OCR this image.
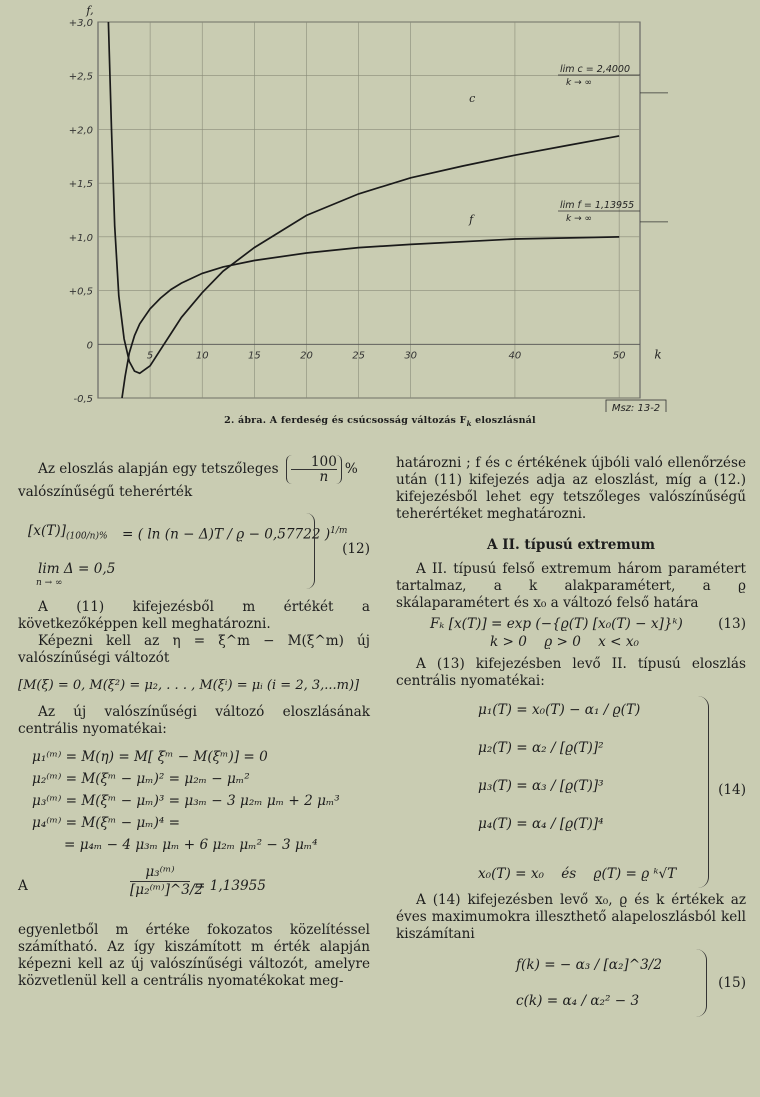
+3,0
+2,5
+2,0
+1,5
+1,0
+0,5
0
-0,5
5	10	15	20	25	30	40	50
f,
k
c
f
lim c = 2,4000
k → ∞
lim f = 1,13955
k → ∞
Msz: 13-2
2. ábra. A ferdeség és csúcsosság változás $F_k$ eloszlásnál

Az eloszlás alapján egy tetszőleges $\frac{100}{n}$ %

valószínűségű teherérték

$[x(T)]_{(100/n)\%}$ = ( ln (n − Δ)T / ϱ − 0,57722 )$^{1/m}$
lim Δ = 0,5
n → ∞
(12)

A (11) kifejezésből m értékét a következőképpen kell meghatározni.

Képezni kell az η = ξ^m − M(ξ^m) új valószínűségi változót

[M(ξ) = 0, M(ξ²) = μ₂, . . . , M(ξⁱ) = μᵢ (i = 2, 3,...m)]

Az új valószínűségi változó eloszlásának centrális nyomatékai:

μ₁⁽ᵐ⁾ = M(η) = M[ ξᵐ − M(ξᵐ)] = 0
μ₂⁽ᵐ⁾ = M(ξᵐ − μₘ)² = μ₂ₘ − μₘ²
μ₃⁽ᵐ⁾ = M(ξᵐ − μₘ)³ = μ₃ₘ − 3 μ₂ₘ μₘ + 2 μₘ³
μ₄⁽ᵐ⁾ = M(ξᵐ − μₘ)⁴ =
= μ₄ₘ − 4 μ₃ₘ μₘ + 6 μ₂ₘ μₘ² − 3 μₘ⁴
A
μ₃⁽ᵐ⁾
[μ₂⁽ᵐ⁾]^3/2
= 1,13955

egyenletből m értéke fokozatos közelítéssel számítható. Az így kiszámított m érték alapján képezni kell az új valószínűségi változót, amelyre közvetlenül kell a centrális nyomatékokat meg-

határozni ; f és c értékének újbóli való ellenőrzése után (11) kifejezés adja az eloszlást, míg a (12.) kifejezésből lehet egy tetszőleges valószínűségű teherértéket meghatározni.

A II. típusú extremum

A II. típusú felső extremum három paramétert tartalmaz, a k alakparamétert, a ϱ skálaparamétert és x₀ a változó felső határa

Fₖ [x(T)] = exp (−{ϱ(T) [x₀(T) − x]}ᵏ)	(13)
k > 0    ϱ > 0    x < x₀

A (13) kifejezésben levő II. típusú eloszlás centrális nyomatékai:

μ₁(T) = x₀(T) − α₁ / ϱ(T)
μ₂(T) = α₂ / [ϱ(T)]²
μ₃(T) = α₃ / [ϱ(T)]³
μ₄(T) = α₄ / [ϱ(T)]⁴
x₀(T) = x₀    és    ϱ(T) = ϱ ᵏ√T
(14)

A (14) kifejezésben levő x₀, ϱ és k értékek az éves maximumokra illeszthető alapeloszlásból kell kiszámítani

f(k) = − α₃ / [α₂]^3/2
c(k) = α₄ / α₂² − 3
(15)
